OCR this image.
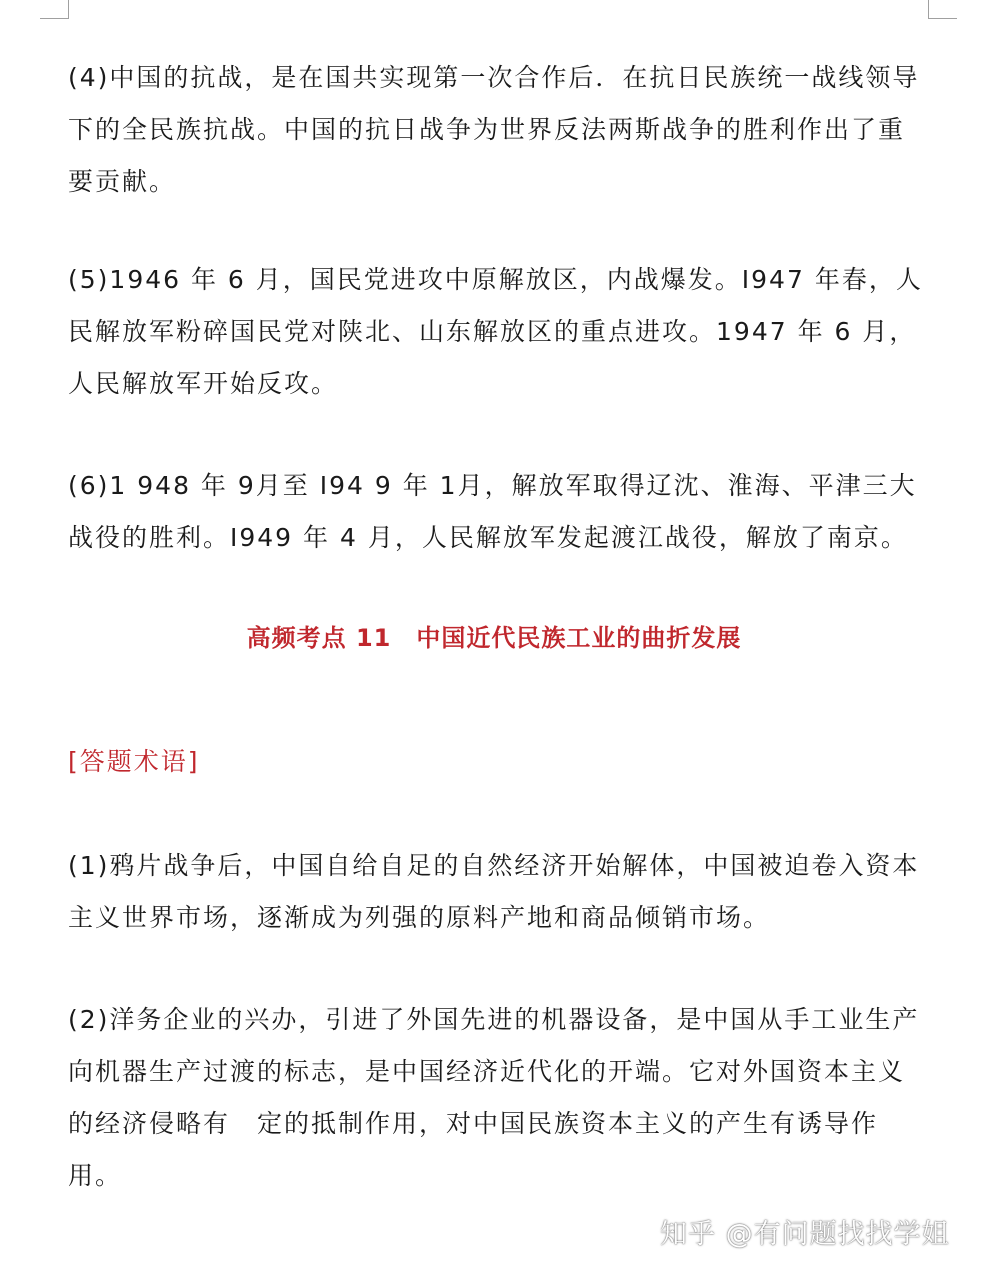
(4)中国的抗战，是在国共实现第一次合作后．在抗日民族统一战线领导下的全民族抗战。中国的抗日战争为世界反法两斯战争的胜利作出了重要贡献。

(5)1946 年 6 月，国民党进攻中原解放区，内战爆发。I947 年春，人民解放军粉碎国民党对陕北、山东解放区的重点进攻。1947 年 6 月，人民解放军开始反攻。

(6)1 948 年 9月至 I94 9 年 1月，解放军取得辽沈、淮海、平津三大战役的胜利。I949 年 4 月，人民解放军发起渡江战役，解放了南京。

高频考点 11　中国近代民族工业的曲折发展

[答题术语]

(1)鸦片战争后，中国自给自足的自然经济开始解体，中国被迫卷入资本主义世界市场，逐渐成为列强的原料产地和商品倾销市场。

(2)洋务企业的兴办，引进了外国先进的机器设备，是中国从手工业生产向机器生产过渡的标志，是中国经济近代化的开端。它对外国资本主义的经济侵略有　定的抵制作用，对中国民族资本主义的产生有诱导作用。

知乎 @有问题找找学姐
